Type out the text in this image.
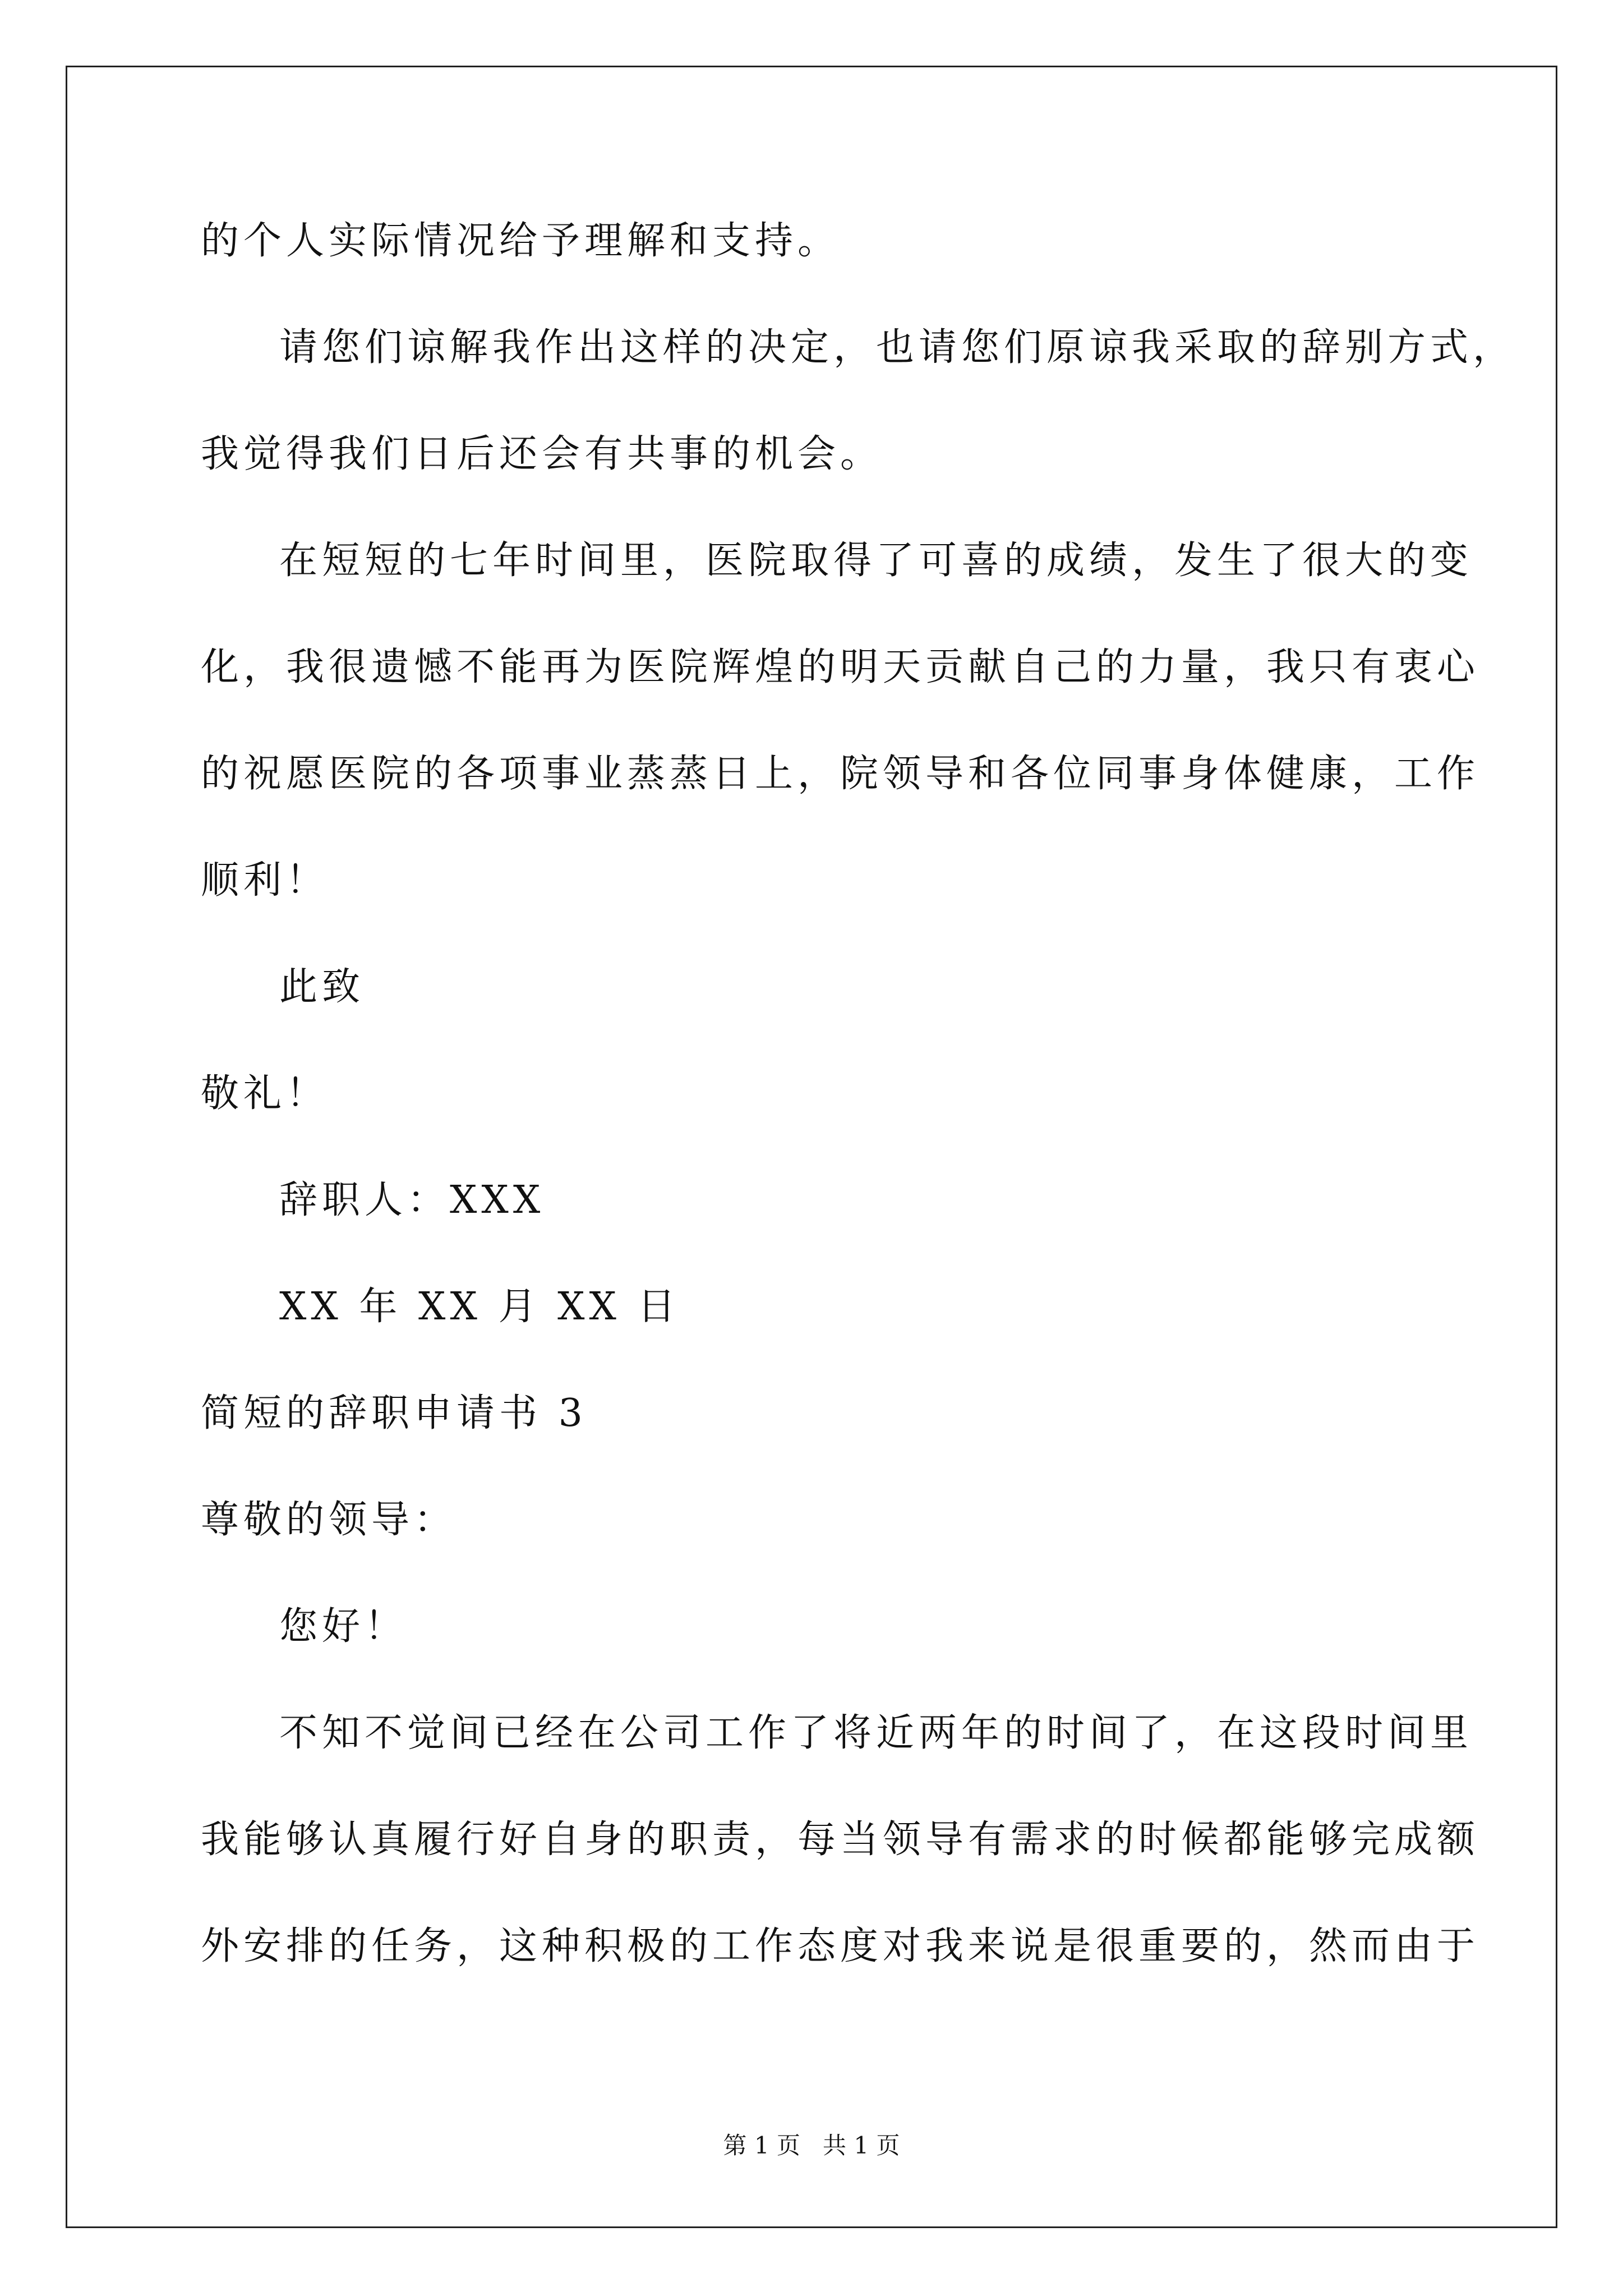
的个人实际情况给予理解和支持。
请您们谅解我作出这样的决定，也请您们原谅我采取的辞别方式，
我觉得我们日后还会有共事的机会。
在短短的七年时间里，医院取得了可喜的成绩，发生了很大的变
化，我很遗憾不能再为医院辉煌的明天贡献自己的力量，我只有衷心
的祝愿医院的各项事业蒸蒸日上，院领导和各位同事身体健康，工作
顺利！
此致
敬礼！
辞职人：XXX
XX 年 XX 月 XX 日
简短的辞职申请书 3
尊敬的领导：
您好！
不知不觉间已经在公司工作了将近两年的时间了，在这段时间里
我能够认真履行好自身的职责，每当领导有需求的时候都能够完成额
外安排的任务，这种积极的工作态度对我来说是很重要的，然而由于
第 1 页   共 1 页
